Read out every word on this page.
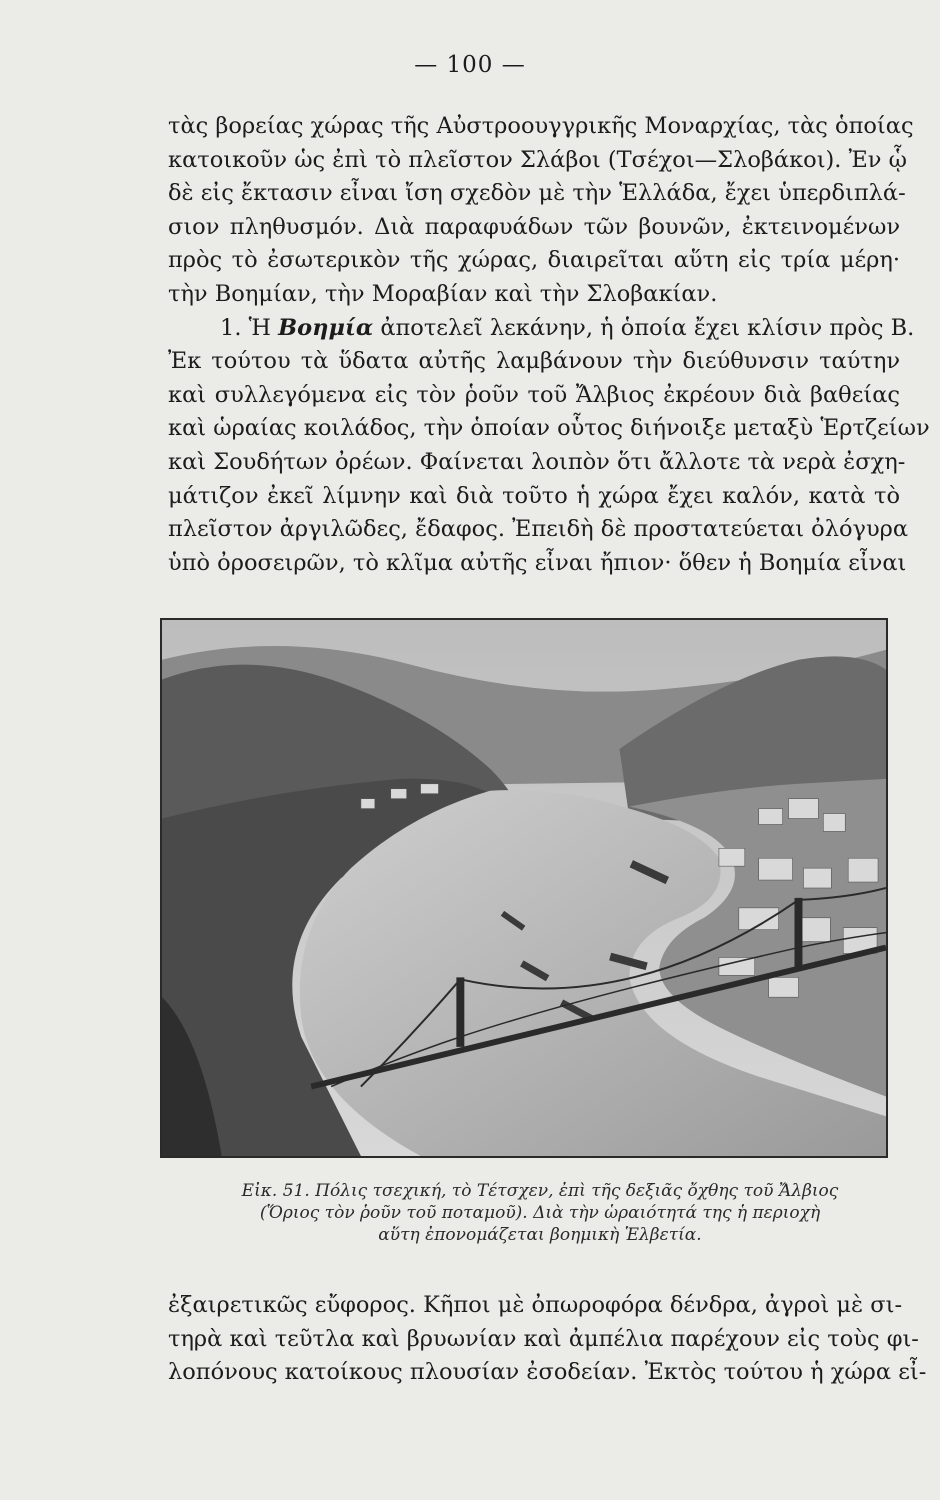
— 100 —
τὰς βορείας χώρας τῆς Αὐστροουγγρικῆς Μοναρχίας, τὰς ὁποίας
κατοικοῦν ὡς ἐπὶ τὸ πλεῖστον Σλάβοι (Τσέχοι—Σλοβάκοι). Ἐν ᾧ
δὲ εἰς ἔκτασιν εἶναι ἴση σχεδὸν μὲ τὴν Ἑλλάδα, ἔχει ὑπερδιπλά-
σιον πληθυσμόν. Διὰ παραφυάδων τῶν βουνῶν, ἐκτεινομένων
πρὸς τὸ ἐσωτερικὸν τῆς χώρας, διαιρεῖται αὕτη εἰς τρία μέρη·
τὴν Βοημίαν, τὴν Μοραβίαν καὶ τὴν Σλοβακίαν.
1. Ἡ Βοημία ἀποτελεῖ λεκάνην, ἡ ὁποία ἔχει κλίσιν πρὸς Β.
Ἐκ τούτου τὰ ὕδατα αὐτῆς λαμβάνουν τὴν διεύθυνσιν ταύτην
καὶ συλλεγόμενα εἰς τὸν ῥοῦν τοῦ Ἄλβιος ἐκρέουν διὰ βαθείας
καὶ ὡραίας κοιλάδος, τὴν ὁποίαν οὗτος διήνοιξε μεταξὺ Ἑρτζείων
καὶ Σουδήτων ὀρέων. Φαίνεται λοιπὸν ὅτι ἄλλοτε τὰ νερὰ ἐσχη-
μάτιζον ἐκεῖ λίμνην καὶ διὰ τοῦτο ἡ χώρα ἔχει καλόν, κατὰ τὸ
πλεῖστον ἀργιλῶδες, ἔδαφος. Ἐπειδὴ δὲ προστατεύεται ὀλόγυρα
ὑπὸ ὀροσειρῶν, τὸ κλῖμα αὐτῆς εἶναι ἤπιον· ὅθεν ἡ Βοημία εἶναι
Εἰκ. 51. Πόλις τσεχική, τὸ Τέτσχεν, ἐπὶ τῆς δεξιᾶς ὄχθης τοῦ Ἄλβιος
(Ὅριος τὸν ῥοῦν τοῦ ποταμοῦ). Διὰ τὴν ὡραιότητά της ἡ περιοχὴ
αὕτη ἐπονομάζεται βοημικὴ Ἑλβετία.
ἐξαιρετικῶς εὔφορος. Κῆποι μὲ ὀπωροφόρα δένδρα, ἀγροὶ μὲ σι-
τηρὰ καὶ τεῦτλα καὶ βρυωνίαν καὶ ἀμπέλια παρέχουν εἰς τοὺς φι-
λοπόνους κατοίκους πλουσίαν ἐσοδείαν. Ἐκτὸς τούτου ἡ χώρα εἶ-
